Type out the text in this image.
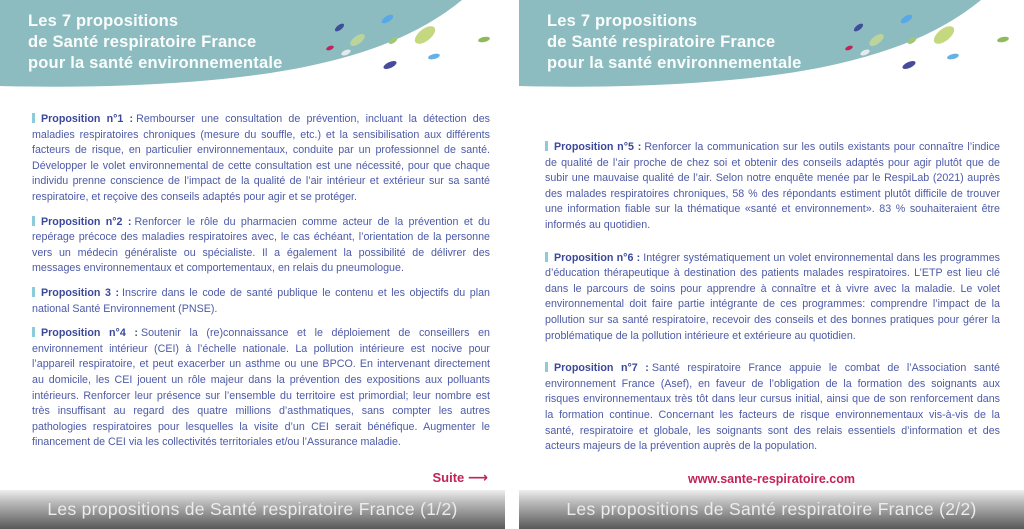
Les 7 propositions
de Santé respiratoire France
pour la santé environnementale

Proposition n°1 : Rembourser une consultation de prévention, incluant la détection des maladies respiratoires chroniques (mesure du souffle, etc.) et la sensibilisation aux différents facteurs de risque, en particulier environnementaux, conduite par un professionnel de santé. Développer le volet environnemental de cette consultation est une nécessité, pour que chaque individu prenne conscience de l’impact de la qualité de l’air intérieur et extérieur sur sa santé respiratoire, et reçoive des conseils adaptés pour agir et se protéger.

Proposition n°2 : Renforcer le rôle du pharmacien comme acteur de la prévention et du repérage précoce des maladies respiratoires avec, le cas échéant, l’orientation de la personne vers un médecin généraliste ou spécialiste. Il a également la possibilité de délivrer des messages environnementaux et comportementaux, en relais du pneumologue.

Proposition 3 : Inscrire dans le code de santé publique le contenu et les objectifs du plan national Santé Environnement (PNSE).

Proposition n°4 : Soutenir la (re)connaissance et le déploiement de conseillers en environnement intérieur (CEI) à l’échelle nationale. La pollution intérieure est nocive pour l’appareil respiratoire, et peut exacerber un asthme ou une BPCO. En intervenant directement au domicile, les CEI jouent un rôle majeur dans la prévention des expositions aux polluants intérieurs. Renforcer leur présence sur l’ensemble du territoire est primordial; leur nombre est très insuffisant au regard des quatre millions d’asthmatiques, sans compter les autres pathologies respiratoires pour lesquelles la visite d’un CEI serait bénéfique. Augmenter le financement de CEI via les collectivités territoriales et/ou l’Assurance maladie.

Suite ⟶
Les propositions de Santé respiratoire France (1/2)
Les 7 propositions
de Santé respiratoire France
pour la santé environnementale

Proposition n°5 : Renforcer la communication sur les outils existants pour connaître l’indice de qualité de l’air proche de chez soi et obtenir des conseils adaptés pour agir plutôt que de subir une mauvaise qualité de l’air. Selon notre enquête menée par le RespiLab (2021) auprès des malades respiratoires chroniques, 58 % des répondants estiment plutôt difficile de trouver une information fiable sur la thématique «santé et environnement». 83 % souhaiteraient être informés au quotidien.

Proposition n°6 : Intégrer systématiquement un volet environnemental dans les programmes d’éducation thérapeutique à destination des patients malades respiratoires. L’ETP est lieu clé dans le parcours de soins pour apprendre à connaître et à vivre avec la maladie. Le volet environnemental doit faire partie intégrante de ces programmes: comprendre l’impact de la pollution sur sa santé respiratoire, recevoir des conseils et des bonnes pratiques pour gérer la problématique de la pollution intérieure et extérieure au quotidien.

Proposition n°7 : Santé respiratoire France appuie le combat de l’Association santé environnement France (Asef), en faveur de l’obligation de la formation des soignants aux risques environnementaux très tôt dans leur cursus initial, ainsi que de son renforcement dans la formation continue. Concernant les facteurs de risque environnementaux vis-à-vis de la santé, respiratoire et globale, les soignants sont des relais essentiels d’information et des acteurs majeurs de la prévention auprès de la population.

www.sante-respiratoire.com
Les propositions de Santé respiratoire France (2/2)
